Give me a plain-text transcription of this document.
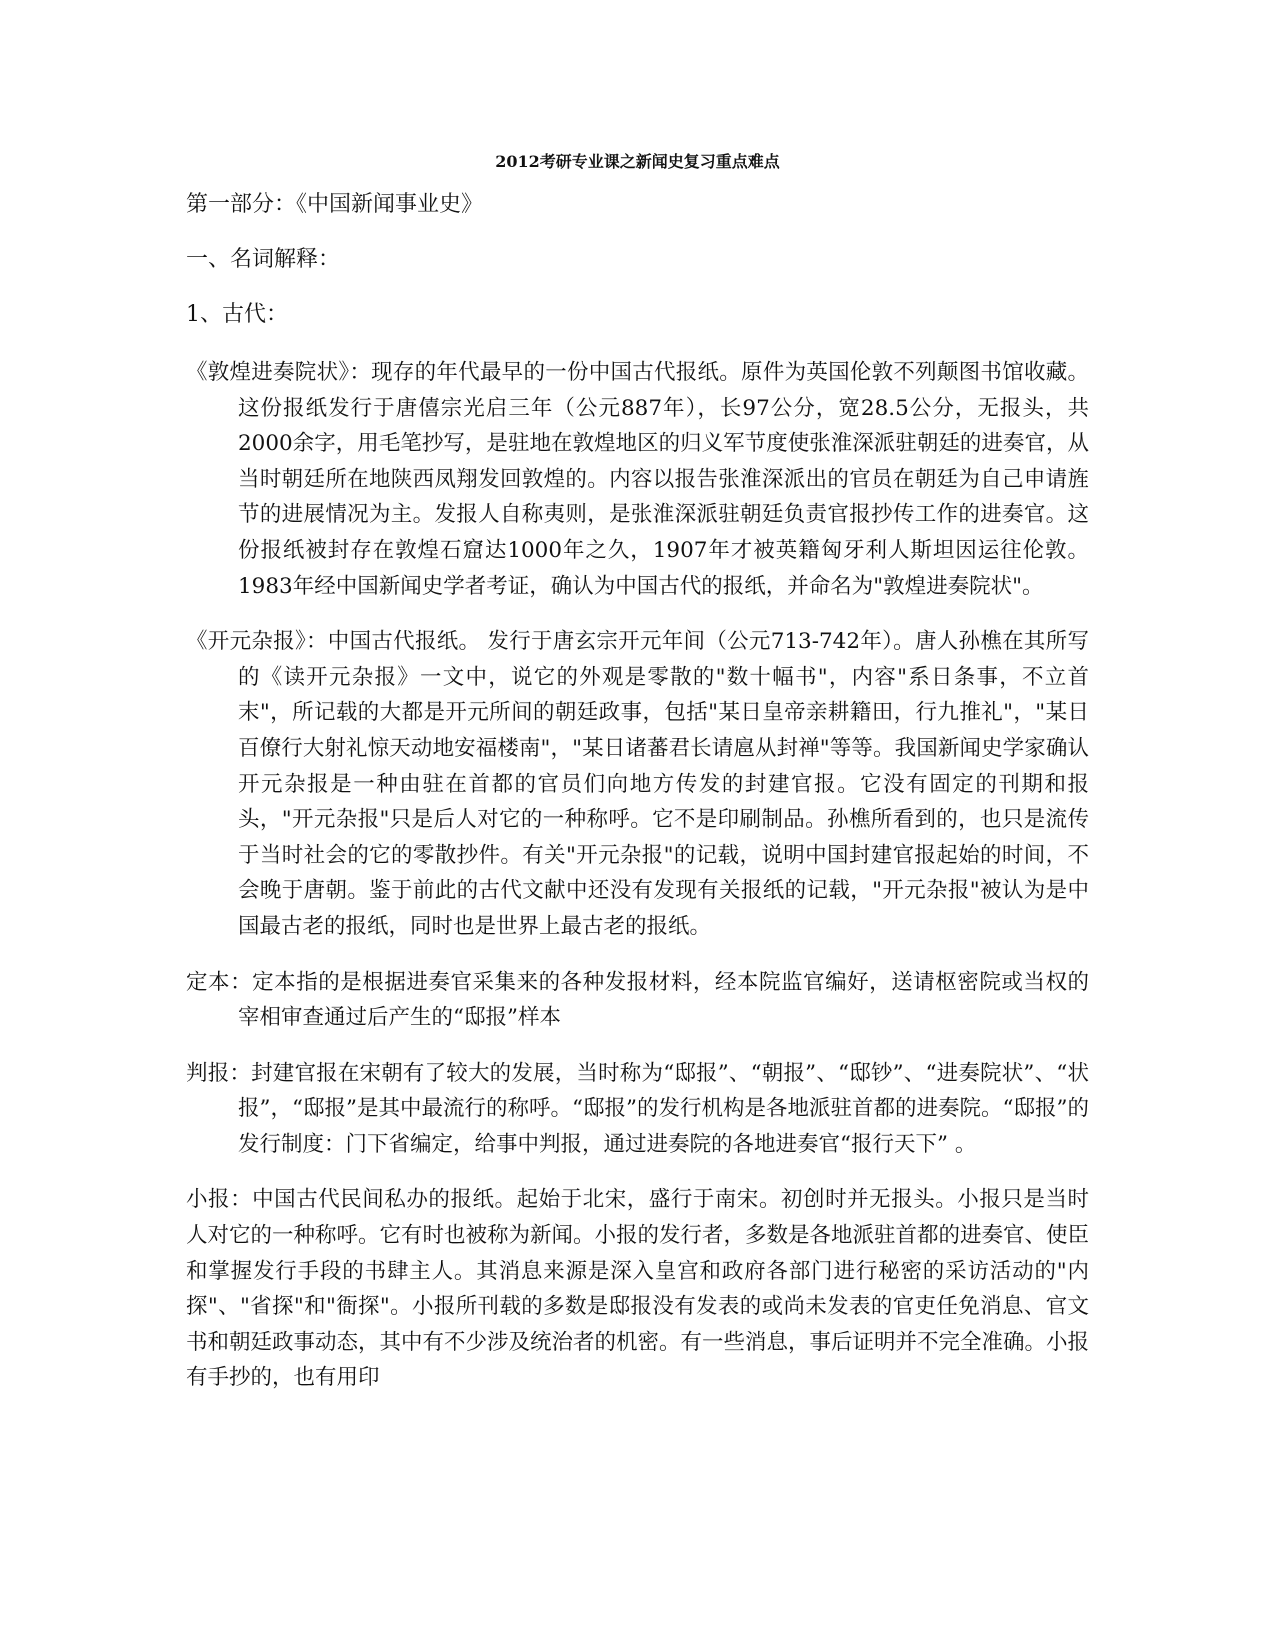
2012考研专业课之新闻史复习重点难点
第一部分：《中国新闻事业史》
一、名词解释：
1、古代：

《敦煌进奏院状》：现存的年代最早的一份中国古代报纸。原件为英国伦敦不列颠图书馆收藏。这份报纸发行于唐僖宗光启三年（公元887年），长97公分，宽28.5公分，无报头，共2000余字，用毛笔抄写，是驻地在敦煌地区的归义军节度使张淮深派驻朝廷的进奏官，从当时朝廷所在地陕西凤翔发回敦煌的。内容以报告张淮深派出的官员在朝廷为自己申请旌节的进展情况为主。发报人自称夷则，是张淮深派驻朝廷负责官报抄传工作的进奏官。这份报纸被封存在敦煌石窟达1000年之久，1907年才被英籍匈牙利人斯坦因运往伦敦。1983年经中国新闻史学者考证，确认为中国古代的报纸，并命名为"敦煌进奏院状"。

《开元杂报》：中国古代报纸。 发行于唐玄宗开元年间（公元713-742年）。唐人孙樵在其所写的《读开元杂报》一文中，说它的外观是零散的"数十幅书"，内容"系日条事，不立首末"，所记载的大都是开元所间的朝廷政事，包括"某日皇帝亲耕籍田，行九推礼"，"某日百僚行大射礼惊天动地安福楼南"，"某日诸蕃君长请扈从封禅"等等。我国新闻史学家确认开元杂报是一种由驻在首都的官员们向地方传发的封建官报。它没有固定的刊期和报头，"开元杂报"只是后人对它的一种称呼。它不是印刷制品。孙樵所看到的，也只是流传于当时社会的它的零散抄件。有关"开元杂报"的记载，说明中国封建官报起始的时间，不会晚于唐朝。鉴于前此的古代文献中还没有发现有关报纸的记载，"开元杂报"被认为是中国最古老的报纸，同时也是世界上最古老的报纸。

定本：定本指的是根据进奏官采集来的各种发报材料，经本院监官编好，送请枢密院或当权的宰相审查通过后产生的“邸报”样本

判报：封建官报在宋朝有了较大的发展，当时称为“邸报”、“朝报”、“邸钞”、“进奏院状”、“状报”，“邸报”是其中最流行的称呼。“邸报”的发行机构是各地派驻首都的进奏院。“邸报”的发行制度：门下省编定，给事中判报，通过进奏院的各地进奏官“报行天下” 。

小报：中国古代民间私办的报纸。起始于北宋，盛行于南宋。初创时并无报头。小报只是当时人对它的一种称呼。它有时也被称为新闻。小报的发行者，多数是各地派驻首都的进奏官、使臣和掌握发行手段的书肆主人。其消息来源是深入皇宫和政府各部门进行秘密的采访活动的"内探"、"省探"和"衙探"。小报所刊载的多数是邸报没有发表的或尚未发表的官吏任免消息、官文书和朝廷政事动态，其中有不少涉及统治者的机密。有一些消息，事后证明并不完全准确。小报有手抄的，也有用印
